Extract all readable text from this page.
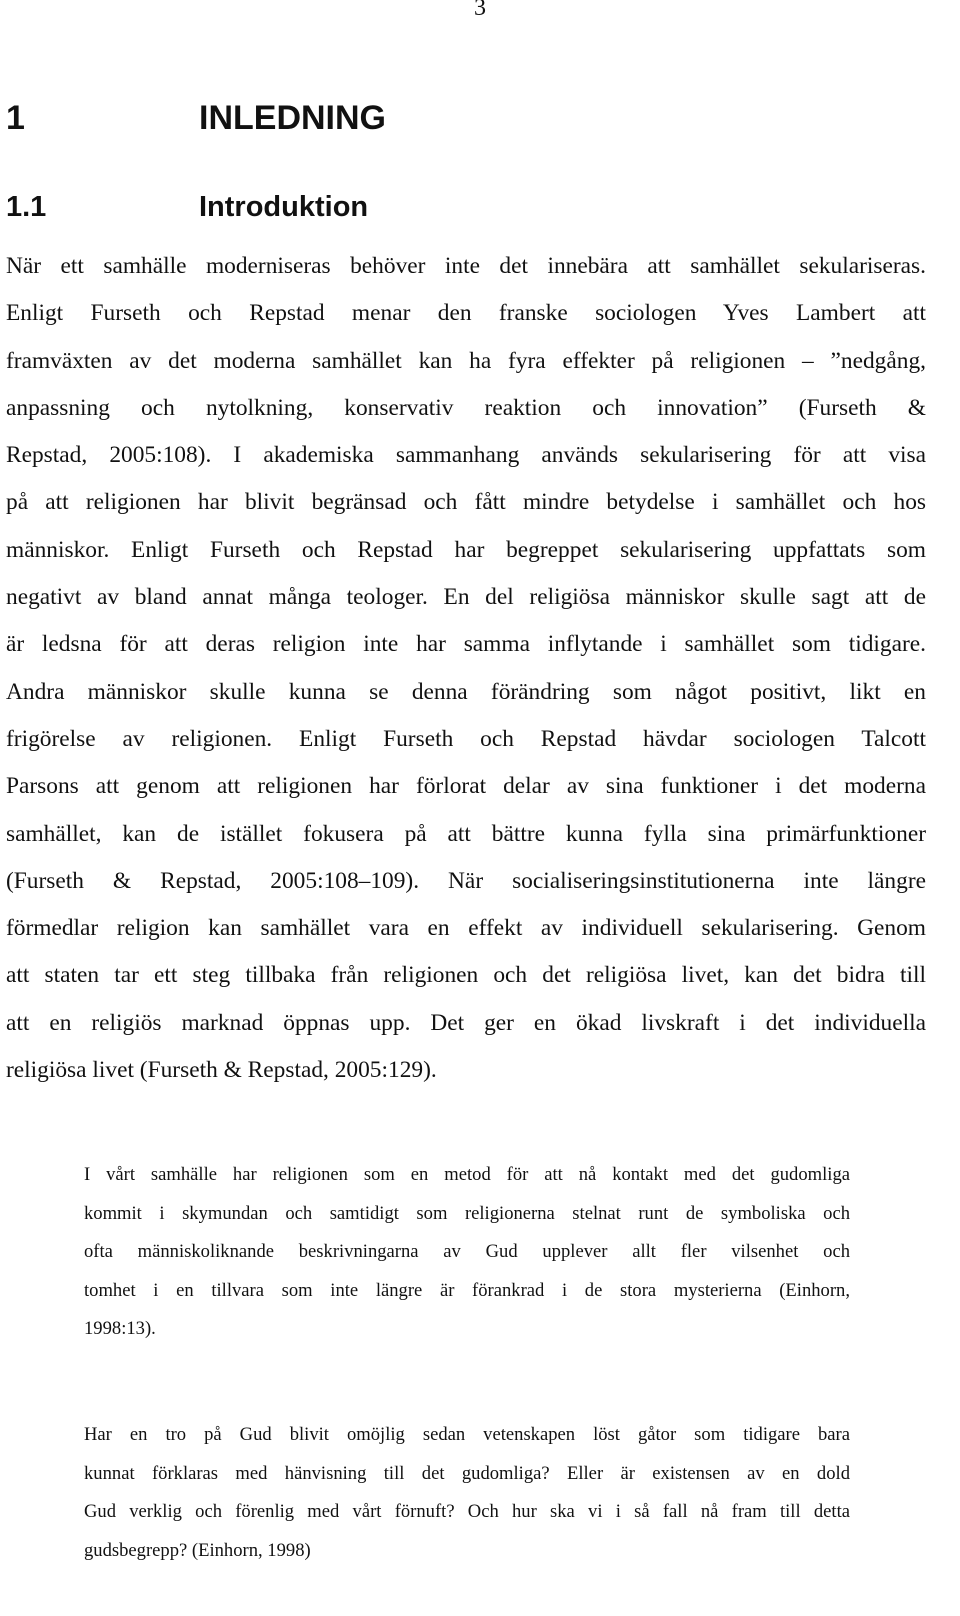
3
1	INLEDNING
1.1	Introduktion
När ett samhälle moderniseras behöver inte det innebära att samhället sekulariseras.
Enligt Furseth och Repstad menar den franske sociologen Yves Lambert att
framväxten av det moderna samhället kan ha fyra effekter på religionen – ”nedgång,
anpassning och nytolkning, konservativ reaktion och innovation” (Furseth &
Repstad, 2005:108). I akademiska sammanhang används sekularisering för att visa
på att religionen har blivit begränsad och fått mindre betydelse i samhället och hos
människor. Enligt Furseth och Repstad har begreppet sekularisering uppfattats som
negativt av bland annat många teologer. En del religiösa människor skulle sagt att de
är ledsna för att deras religion inte har samma inflytande i samhället som tidigare.
Andra människor skulle kunna se denna förändring som något positivt, likt en
frigörelse av religionen. Enligt Furseth och Repstad hävdar sociologen Talcott
Parsons att genom att religionen har förlorat delar av sina funktioner i det moderna
samhället, kan de istället fokusera på att bättre kunna fylla sina primärfunktioner
(Furseth & Repstad, 2005:108–109). När socialiseringsinstitutionerna inte längre
förmedlar religion kan samhället vara en effekt av individuell sekularisering. Genom
att staten tar ett steg tillbaka från religionen och det religiösa livet, kan det bidra till
att en religiös marknad öppnas upp. Det ger en ökad livskraft i det individuella
religiösa livet (Furseth & Repstad, 2005:129).
I vårt samhälle har religionen som en metod för att nå kontakt med det gudomliga
kommit i skymundan och samtidigt som religionerna stelnat runt de symboliska och
ofta människoliknande beskrivningarna av Gud upplever allt fler vilsenhet och
tomhet i en tillvara som inte längre är förankrad i de stora mysterierna (Einhorn,
1998:13).
Har en tro på Gud blivit omöjlig sedan vetenskapen löst gåtor som tidigare bara
kunnat förklaras med hänvisning till det gudomliga? Eller är existensen av en dold
Gud verklig och förenlig med vårt förnuft? Och hur ska vi i så fall nå fram till detta
gudsbegrepp? (Einhorn, 1998)
